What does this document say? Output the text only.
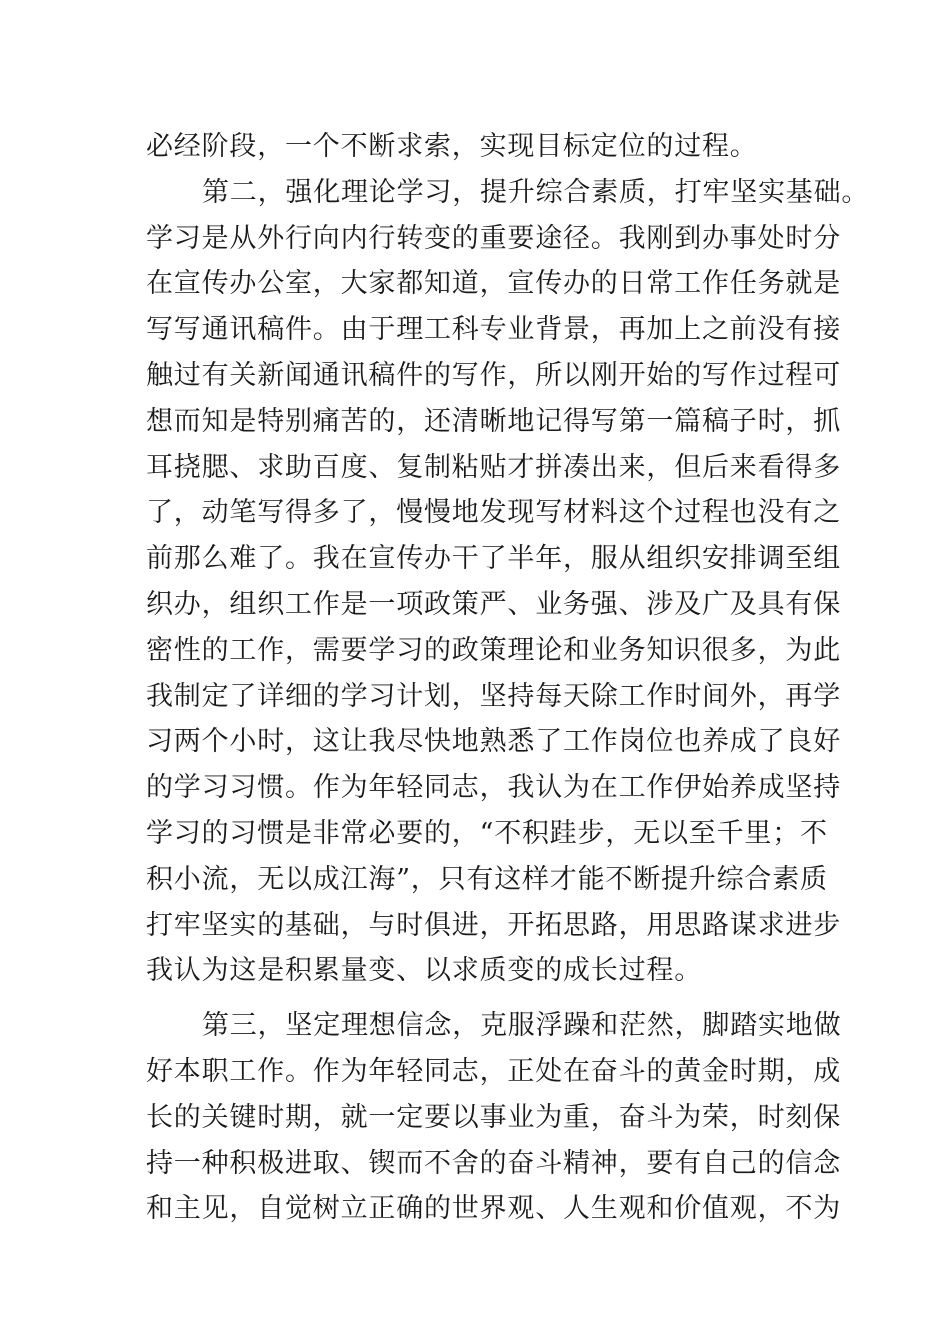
必经阶段，一个不断求索，实现目标定位的过程。
第二，强化理论学习，提升综合素质，打牢坚实基础。
学习是从外行向内行转变的重要途径。我刚到办事处时分
在宣传办公室，大家都知道，宣传办的日常工作任务就是
写写通讯稿件。由于理工科专业背景，再加上之前没有接
触过有关新闻通讯稿件的写作，所以刚开始的写作过程可
想而知是特别痛苦的，还清晰地记得写第一篇稿子时，抓
耳挠腮、求助百度、复制粘贴才拼凑出来，但后来看得多
了，动笔写得多了，慢慢地发现写材料这个过程也没有之
前那么难了。我在宣传办干了半年，服从组织安排调至组
织办，组织工作是一项政策严、业务强、涉及广及具有保
密性的工作，需要学习的政策理论和业务知识很多，为此
我制定了详细的学习计划，坚持每天除工作时间外，再学
习两个小时，这让我尽快地熟悉了工作岗位也养成了良好
的学习习惯。作为年轻同志，我认为在工作伊始养成坚持
学习的习惯是非常必要的，“不积跬步，无以至千里；不
积小流，无以成江海”，只有这样才能不断提升综合素质
打牢坚实的基础，与时俱进，开拓思路，用思路谋求进步
我认为这是积累量变、以求质变的成长过程。
第三，坚定理想信念，克服浮躁和茫然，脚踏实地做
好本职工作。作为年轻同志，正处在奋斗的黄金时期，成
长的关键时期，就一定要以事业为重，奋斗为荣，时刻保
持一种积极进取、锲而不舍的奋斗精神，要有自己的信念
和主见，自觉树立正确的世界观、人生观和价值观，不为
